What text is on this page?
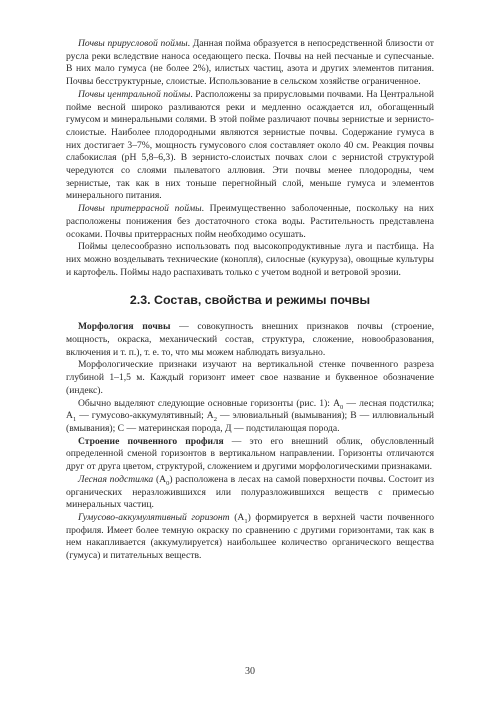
Почвы прирусловой поймы. Данная пойма образуется в непосредственной близости от русла реки вследствие наноса оседающего песка. Почвы на ней песчаные и супесчаные. В них мало гумуса (не более 2%), илистых частиц, азота и других элементов питания. Почвы бесструктурные, слоистые. Использование в сельском хозяйстве ограниченное.

Почвы центральной поймы. Расположены за прирусловыми почвами. На Центральной пойме весной широко разливаются реки и медленно осаждается ил, обогащенный гумусом и минеральными солями. В этой пойме различают почвы зернистые и зернисто-слоистые. Наиболее плодородными являются зернистые почвы. Содержание гумуса в них достигает 3–7%, мощность гумусового слоя составляет около 40 см. Реакция почвы слабокислая (pH 5,8–6,3). В зернисто-слоистых почвах слои с зернистой структурой чередуются со слоями пылеватого аллювия. Эти почвы менее плодородны, чем зернистые, так как в них тоньше перегнойный слой, меньше гумуса и элементов минерального питания.

Почвы притеррасной поймы. Преимущественно заболоченные, поскольку на них расположены понижения без достаточного стока воды. Растительность представлена осоками. Почвы притеррасных пойм необходимо осушать.

Поймы целесообразно использовать под высокопродуктивные луга и пастбища. На них можно возделывать технические (конопля), силосные (кукуруза), овощные культуры и картофель. Поймы надо распахивать только с учетом водной и ветровой эрозии.

2.3. Состав, свойства и режимы почвы

Морфология почвы — совокупность внешних признаков почвы (строение, мощность, окраска, механический состав, структура, сложение, новообразования, включения и т. п.), т. е. то, что мы можем наблюдать визуально.

Морфологические признаки изучают на вертикальной стенке почвенного разреза глубиной 1–1,5 м. Каждый горизонт имеет свое название и буквенное обозначение (индекс).

Обычно выделяют следующие основные горизонты (рис. 1): $А_0$ — лесная подстилка; $А_1$ — гумусово-аккумулятивный; $А_2$ — элювиальный (вымывания); В — иллювиальный (вмывания); С — материнская порода, Д — подстилающая порода.

Строение почвенного профиля — это его внешний облик, обусловленный определенной сменой горизонтов в вертикальном направлении. Горизонты отличаются друг от друга цветом, структурой, сложением и другими морфологическими признаками.

Лесная подстилка $(А_0)$ расположена в лесах на самой поверхности почвы. Состоит из органических неразложившихся или полуразложившихся веществ с примесью минеральных частиц.

Гумусово-аккумулятивный горизонт $(А_1)$ формируется в верхней части почвенного профиля. Имеет более темную окраску по сравнению с другими горизонтами, так как в нем накапливается (аккумулируется) наибольшее количество органического вещества (гумуса) и питательных веществ.

30
